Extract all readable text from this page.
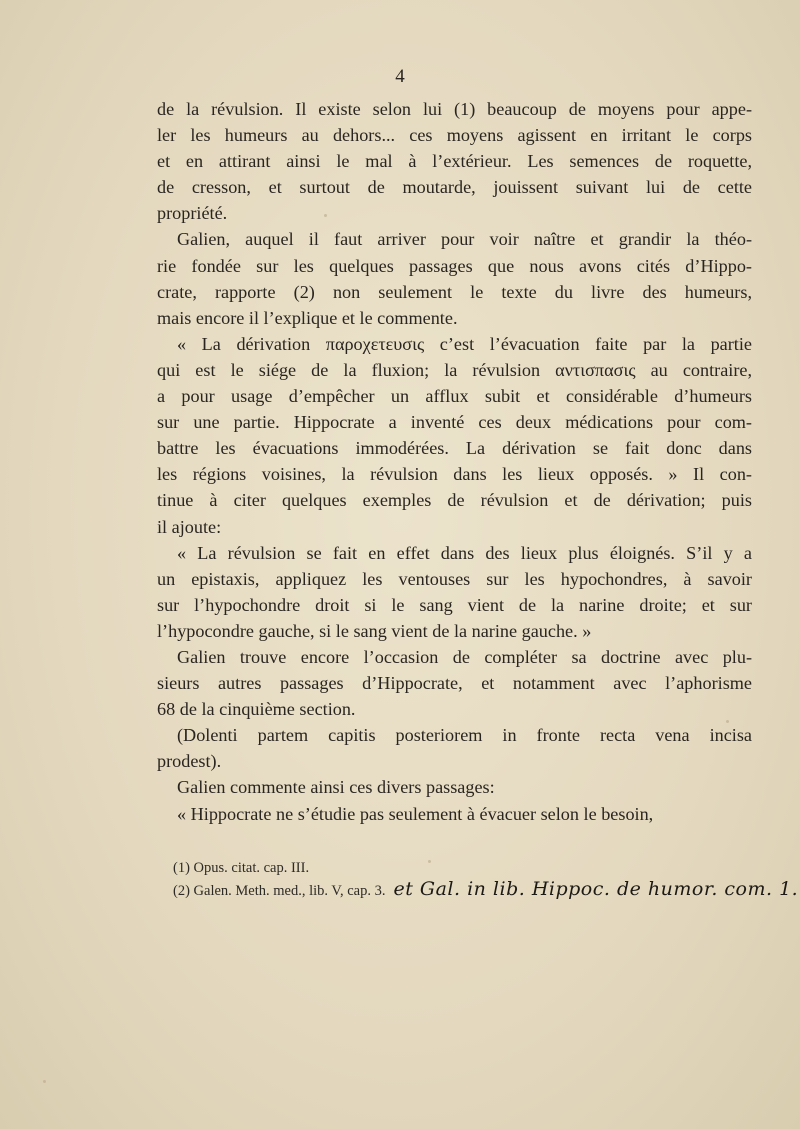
4
de la révulsion. Il existe selon lui (1) beaucoup de moyens pour appe-
ler les humeurs au dehors... ces moyens agissent en irritant le corps
et en attirant ainsi le mal à l’extérieur. Les semences de roquette,
de cresson, et surtout de moutarde, jouissent suivant lui de cette
propriété.
Galien, auquel il faut arriver pour voir naître et grandir la théo-
rie fondée sur les quelques passages que nous avons cités d’Hippo-
crate, rapporte (2) non seulement le texte du livre des humeurs,
mais encore il l’explique et le commente.
« La dérivation παροχετευσις c’est l’évacuation faite par la partie
qui est le siége de la fluxion; la révulsion αντισπασις au contraire,
a pour usage d’empêcher un afflux subit et considérable d’humeurs
sur une partie. Hippocrate a inventé ces deux médications pour com-
battre les évacuations immodérées. La dérivation se fait donc dans
les régions voisines, la révulsion dans les lieux opposés. » Il con-
tinue à citer quelques exemples de révulsion et de dérivation; puis
il ajoute:
« La révulsion se fait en effet dans des lieux plus éloignés. S’il y a
un epistaxis, appliquez les ventouses sur les hypochondres, à savoir
sur l’hypochondre droit si le sang vient de la narine droite; et sur
l’hypocondre gauche, si le sang vient de la narine gauche. »
Galien trouve encore l’occasion de compléter sa doctrine avec plu-
sieurs autres passages d’Hippocrate, et notamment avec l’aphorisme
68 de la cinquième section.
(Dolenti partem capitis posteriorem in fronte recta vena incisa
prodest).
Galien commente ainsi ces divers passages:
« Hippocrate ne s’étudie pas seulement à évacuer selon le besoin,
(1) Opus. citat. cap. III.
(2) Galen. Meth. med., lib. V, cap. 3. et Gal. in lib. Hippoc. de humor. com. 1.
